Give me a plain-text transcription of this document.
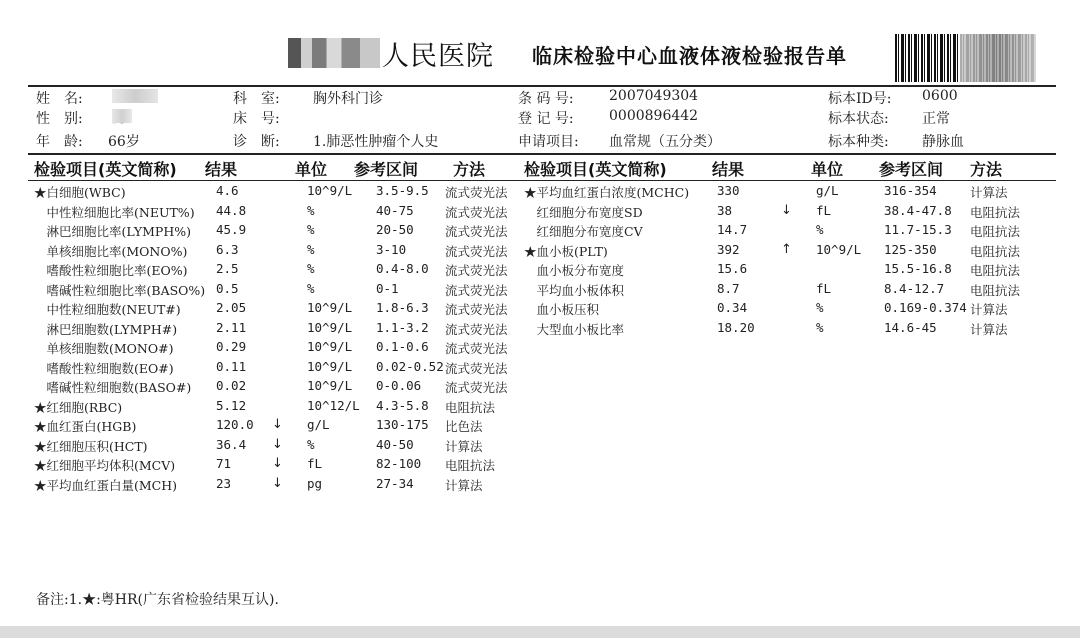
人民医院 临床检验中心血液体液检验报告单
姓　名:
性　别:
年　龄: 66岁
科　室: 胸外科门诊
床　号:
诊　断: 1.肺恶性肿瘤个人史
条 码 号:	2007049304
登 记 号:	0000896442
申请项目: 血常规（五分类）
标本ID号: 0600
标本状态: 正常
标本种类: 静脉血
检验项目(英文简称) 结果	单位 参考区间 方法 检验项目(英文简称)	结果	单位 参考区间 方法
★白细胞(WBC)	4.6	10^9/L 3.5-9.5 流式荧光法
　中性粒细胞比率(NEUT%) 44.8	%	40-75	流式荧光法
　淋巴细胞比率(LYMPH%) 45.9	%	20-50	流式荧光法
　单核细胞比率(MONO%) 6.3	%	3-10	流式荧光法
　嗜酸性粒细胞比率(EO%) 2.5	%	0.4-8.0 流式荧光法
　嗜碱性粒细胞比率(BASO%) 0.5	%	0-1	流式荧光法
　中性粒细胞数(NEUT#)	2.05	10^9/L 1.8-6.3 流式荧光法
　淋巴细胞数(LYMPH#)	2.11	10^9/L 1.1-3.2 流式荧光法
　单核细胞数(MONO#)	0.29	10^9/L 0.1-0.6 流式荧光法
　嗜酸性粒细胞数(EO#)	0.11	10^9/L 0.02-0.52 流式荧光法
　嗜碱性粒细胞数(BASO#) 0.02	10^9/L 0-0.06 流式荧光法
★红细胞(RBC)	5.12	10^12/L 4.3-5.8 电阻抗法
★血红蛋白(HGB)	120.0 ↓ g/L	130-175 比色法
★红细胞压积(HCT)	36.4 ↓ %	40-50	计算法
★红细胞平均体积(MCV)	71	↓ fL	82-100 电阻抗法
★平均血红蛋白量(MCH)	23	↓ pg	27-34	计算法
★平均血红蛋白浓度(MCHC) 330	g/L	316-354	计算法
　红细胞分布宽度SD	38	↓ fL	38.4-47.8 电阻抗法
　红细胞分布宽度CV	14.7	%	11.7-15.3 电阻抗法
★血小板(PLT)	392	↑ 10^9/L 125-350	电阻抗法
　血小板分布宽度	15.6	15.5-16.8 电阻抗法
　平均血小板体积	8.7	fL	8.4-12.7 电阻抗法
　血小板压积	0.34	%	0.169-0.374 计算法
　大型血小板比率	18.20	%	14.6-45	计算法
备注:1.★:粤HR(广东省检验结果互认).
